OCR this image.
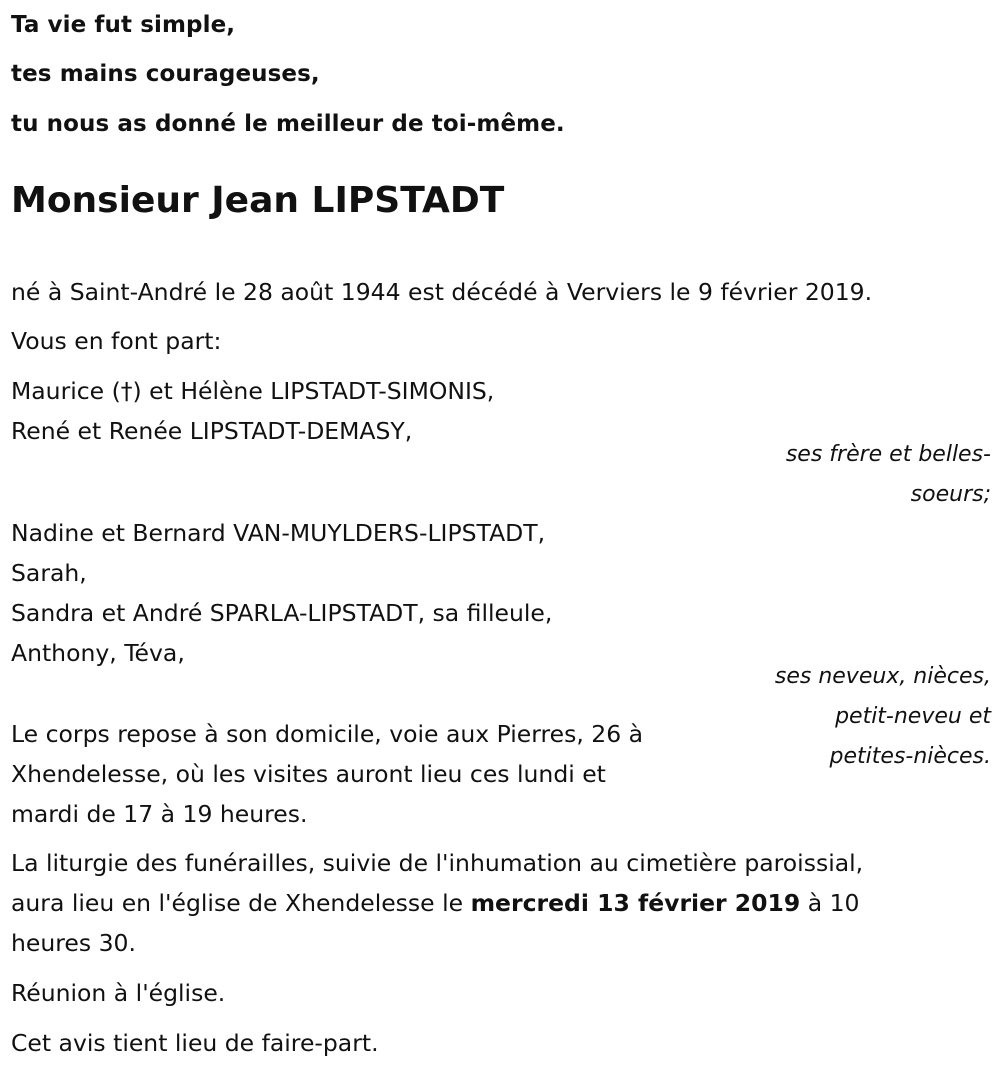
Ta vie fut simple,
tes mains courageuses,
tu nous as donné le meilleur de toi-même.
Monsieur Jean LIPSTADT
né à Saint-André le 28 août 1944 est décédé à Verviers le 9 février 2019.
Vous en font part:
Maurice (†) et Hélène LIPSTADT-SIMONIS,
René et Renée LIPSTADT-DEMASY,
ses frère et belles-
soeurs;
Nadine et Bernard VAN-MUYLDERS-LIPSTADT,
Sarah,
Sandra et André SPARLA-LIPSTADT, sa filleule,
Anthony, Téva,
ses neveux, nièces,
petit-neveu et
petites-nièces.
Le corps repose à son domicile, voie aux Pierres, 26 à
Xhendelesse, où les visites auront lieu ces lundi et
mardi de 17 à 19 heures.
La liturgie des funérailles, suivie de l'inhumation au cimetière paroissial,
aura lieu en l'église de Xhendelesse le mercredi 13 février 2019 à 10
heures 30.
Réunion à l'église.
Cet avis tient lieu de faire-part.
